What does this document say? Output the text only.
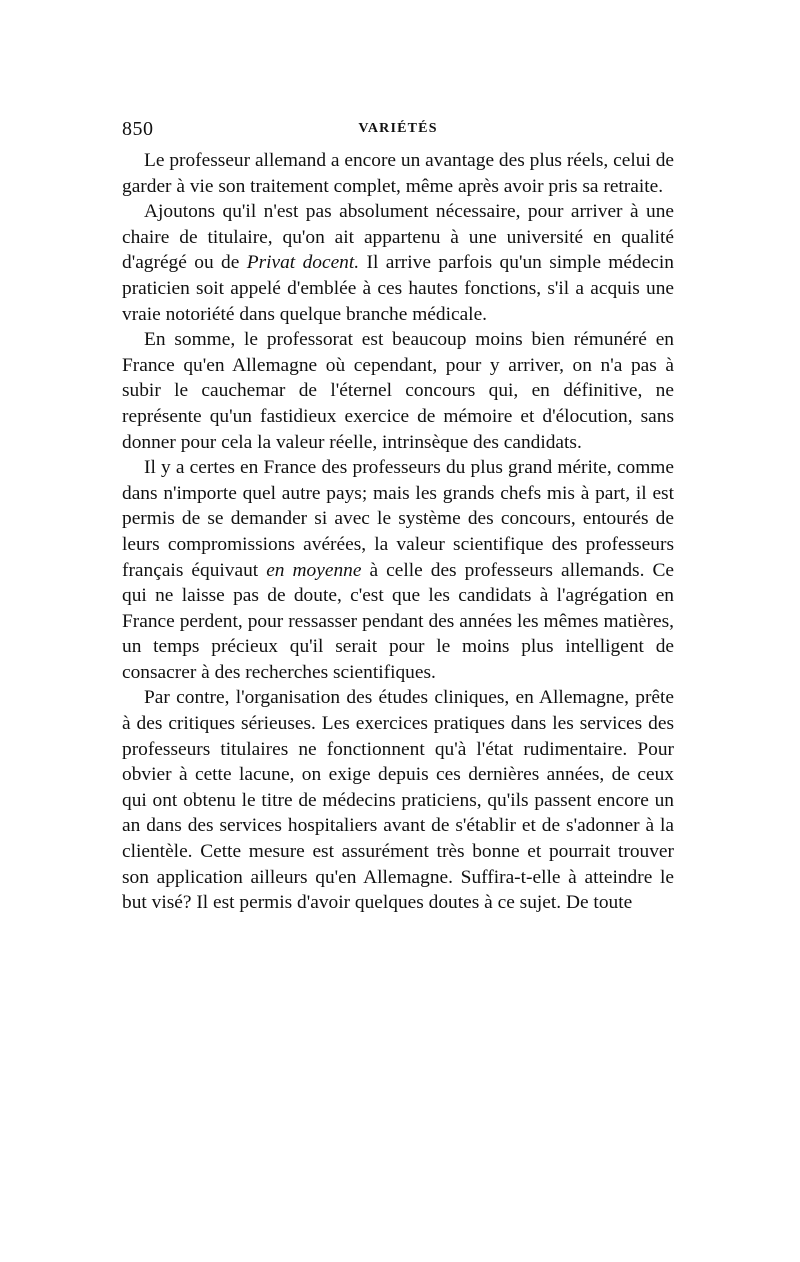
850	VARIÉTÉS

Le professeur allemand a encore un avantage des plus réels, celui de garder à vie son traitement complet, même après avoir pris sa retraite.

Ajoutons qu'il n'est pas absolument nécessaire, pour arriver à une chaire de titulaire, qu'on ait appartenu à une université en qualité d'agrégé ou de Privat docent. Il arrive parfois qu'un simple médecin praticien soit appelé d'emblée à ces hautes fonctions, s'il a acquis une vraie notoriété dans quelque branche médicale.

En somme, le professorat est beaucoup moins bien rémunéré en France qu'en Allemagne où cependant, pour y arriver, on n'a pas à subir le cauchemar de l'éternel concours qui, en définitive, ne représente qu'un fastidieux exercice de mémoire et d'élocution, sans donner pour cela la valeur réelle, intrinsèque des candidats.

Il y a certes en France des professeurs du plus grand mérite, comme dans n'importe quel autre pays; mais les grands chefs mis à part, il est permis de se demander si avec le système des concours, entourés de leurs compromissions avérées, la valeur scientifique des professeurs français équivaut en moyenne à celle des professeurs allemands. Ce qui ne laisse pas de doute, c'est que les candidats à l'agrégation en France perdent, pour ressasser pendant des années les mêmes matières, un temps précieux qu'il serait pour le moins plus intelligent de consacrer à des recherches scientifiques.

Par contre, l'organisation des études cliniques, en Allemagne, prête à des critiques sérieuses. Les exercices pratiques dans les services des professeurs titulaires ne fonctionnent qu'à l'état rudimentaire. Pour obvier à cette lacune, on exige depuis ces dernières années, de ceux qui ont obtenu le titre de médecins praticiens, qu'ils passent encore un an dans des services hospitaliers avant de s'établir et de s'adonner à la clientèle. Cette mesure est assurément très bonne et pourrait trouver son application ailleurs qu'en Allemagne. Suffira-t-elle à atteindre le but visé? Il est permis d'avoir quelques doutes à ce sujet. De toute
